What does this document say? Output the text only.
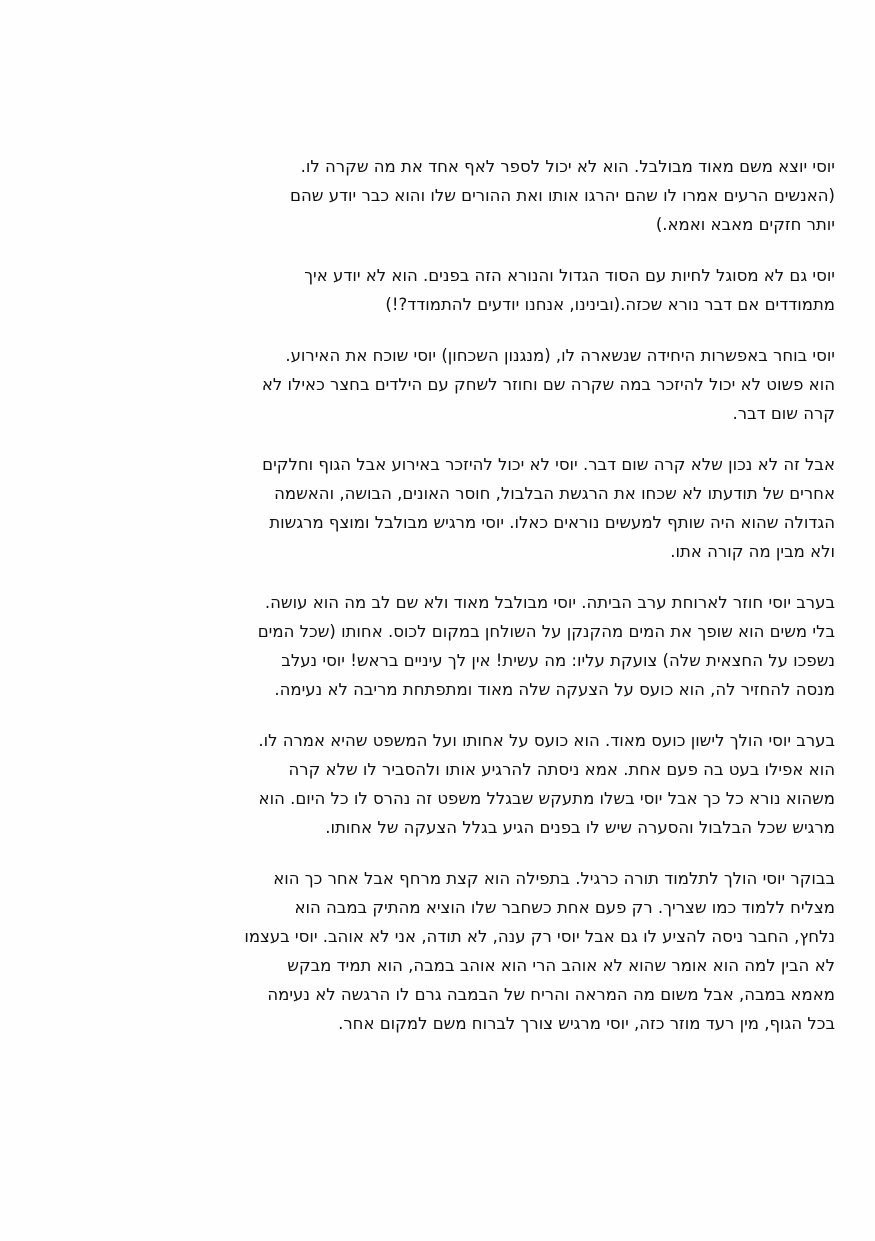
יוסי יוצא משם מאוד מבולבל. הוא לא יכול לספר לאף אחד את מה שקרה לו.
(האנשים הרעים אמרו לו שהם יהרגו אותו ואת ההורים שלו והוא כבר יודע שהם
יותר חזקים מאבא ואמא.)

יוסי גם לא מסוגל לחיות עם הסוד הגדול והנורא הזה בפנים. הוא לא יודע איך
מתמודדים אם דבר נורא שכזה.(ובינינו, אנחנו יודעים להתמודד?!)

יוסי בוחר באפשרות היחידה שנשארה לו, (מנגנון השכחון) יוסי שוכח את האירוע.
הוא פשוט לא יכול להיזכר במה שקרה שם וחוזר לשחק עם הילדים בחצר כאילו לא
קרה שום דבר.

אבל זה לא נכון שלא קרה שום דבר. יוסי לא יכול להיזכר באירוע אבל הגוף וחלקים
אחרים של תודעתו לא שכחו את הרגשת הבלבול, חוסר האונים, הבושה, והאשמה
הגדולה שהוא היה שותף למעשים נוראים כאלו. יוסי מרגיש מבולבל ומוצף מרגשות
ולא מבין מה קורה אתו.

בערב יוסי חוזר לארוחת ערב הביתה. יוסי מבולבל מאוד ולא שם לב מה הוא עושה.
בלי משים הוא שופך את המים מהקנקן על השולחן במקום לכוס. אחותו (שכל המים
נשפכו על החצאית שלה) צועקת עליו: מה עשית! אין לך עיניים בראש! יוסי נעלב
מנסה להחזיר לה, הוא כועס על הצעקה שלה מאוד ומתפתחת מריבה לא נעימה.

בערב יוסי הולך לישון כועס מאוד. הוא כועס על אחותו ועל המשפט שהיא אמרה לו.
הוא אפילו בעט בה פעם אחת. אמא ניסתה להרגיע אותו ולהסביר לו שלא קרה
משהוא נורא כל כך אבל יוסי בשלו מתעקש שבגלל משפט זה נהרס לו כל היום. הוא
מרגיש שכל הבלבול והסערה שיש לו בפנים הגיע בגלל הצעקה של אחותו.

בבוקר יוסי הולך לתלמוד תורה כרגיל. בתפילה הוא קצת מרחף אבל אחר כך הוא
מצליח ללמוד כמו שצריך. רק פעם אחת כשחבר שלו הוציא מהתיק במבה הוא
נלחץ, החבר ניסה להציע לו גם אבל יוסי רק ענה, לא תודה, אני לא אוהב. יוסי בעצמו
לא הבין למה הוא אומר שהוא לא אוהב הרי הוא אוהב במבה, הוא תמיד מבקש
מאמא במבה, אבל משום מה המראה והריח של הבמבה גרם לו הרגשה לא נעימה
בכל הגוף, מין רעד מוזר כזה, יוסי מרגיש צורך לברוח משם למקום אחר.
